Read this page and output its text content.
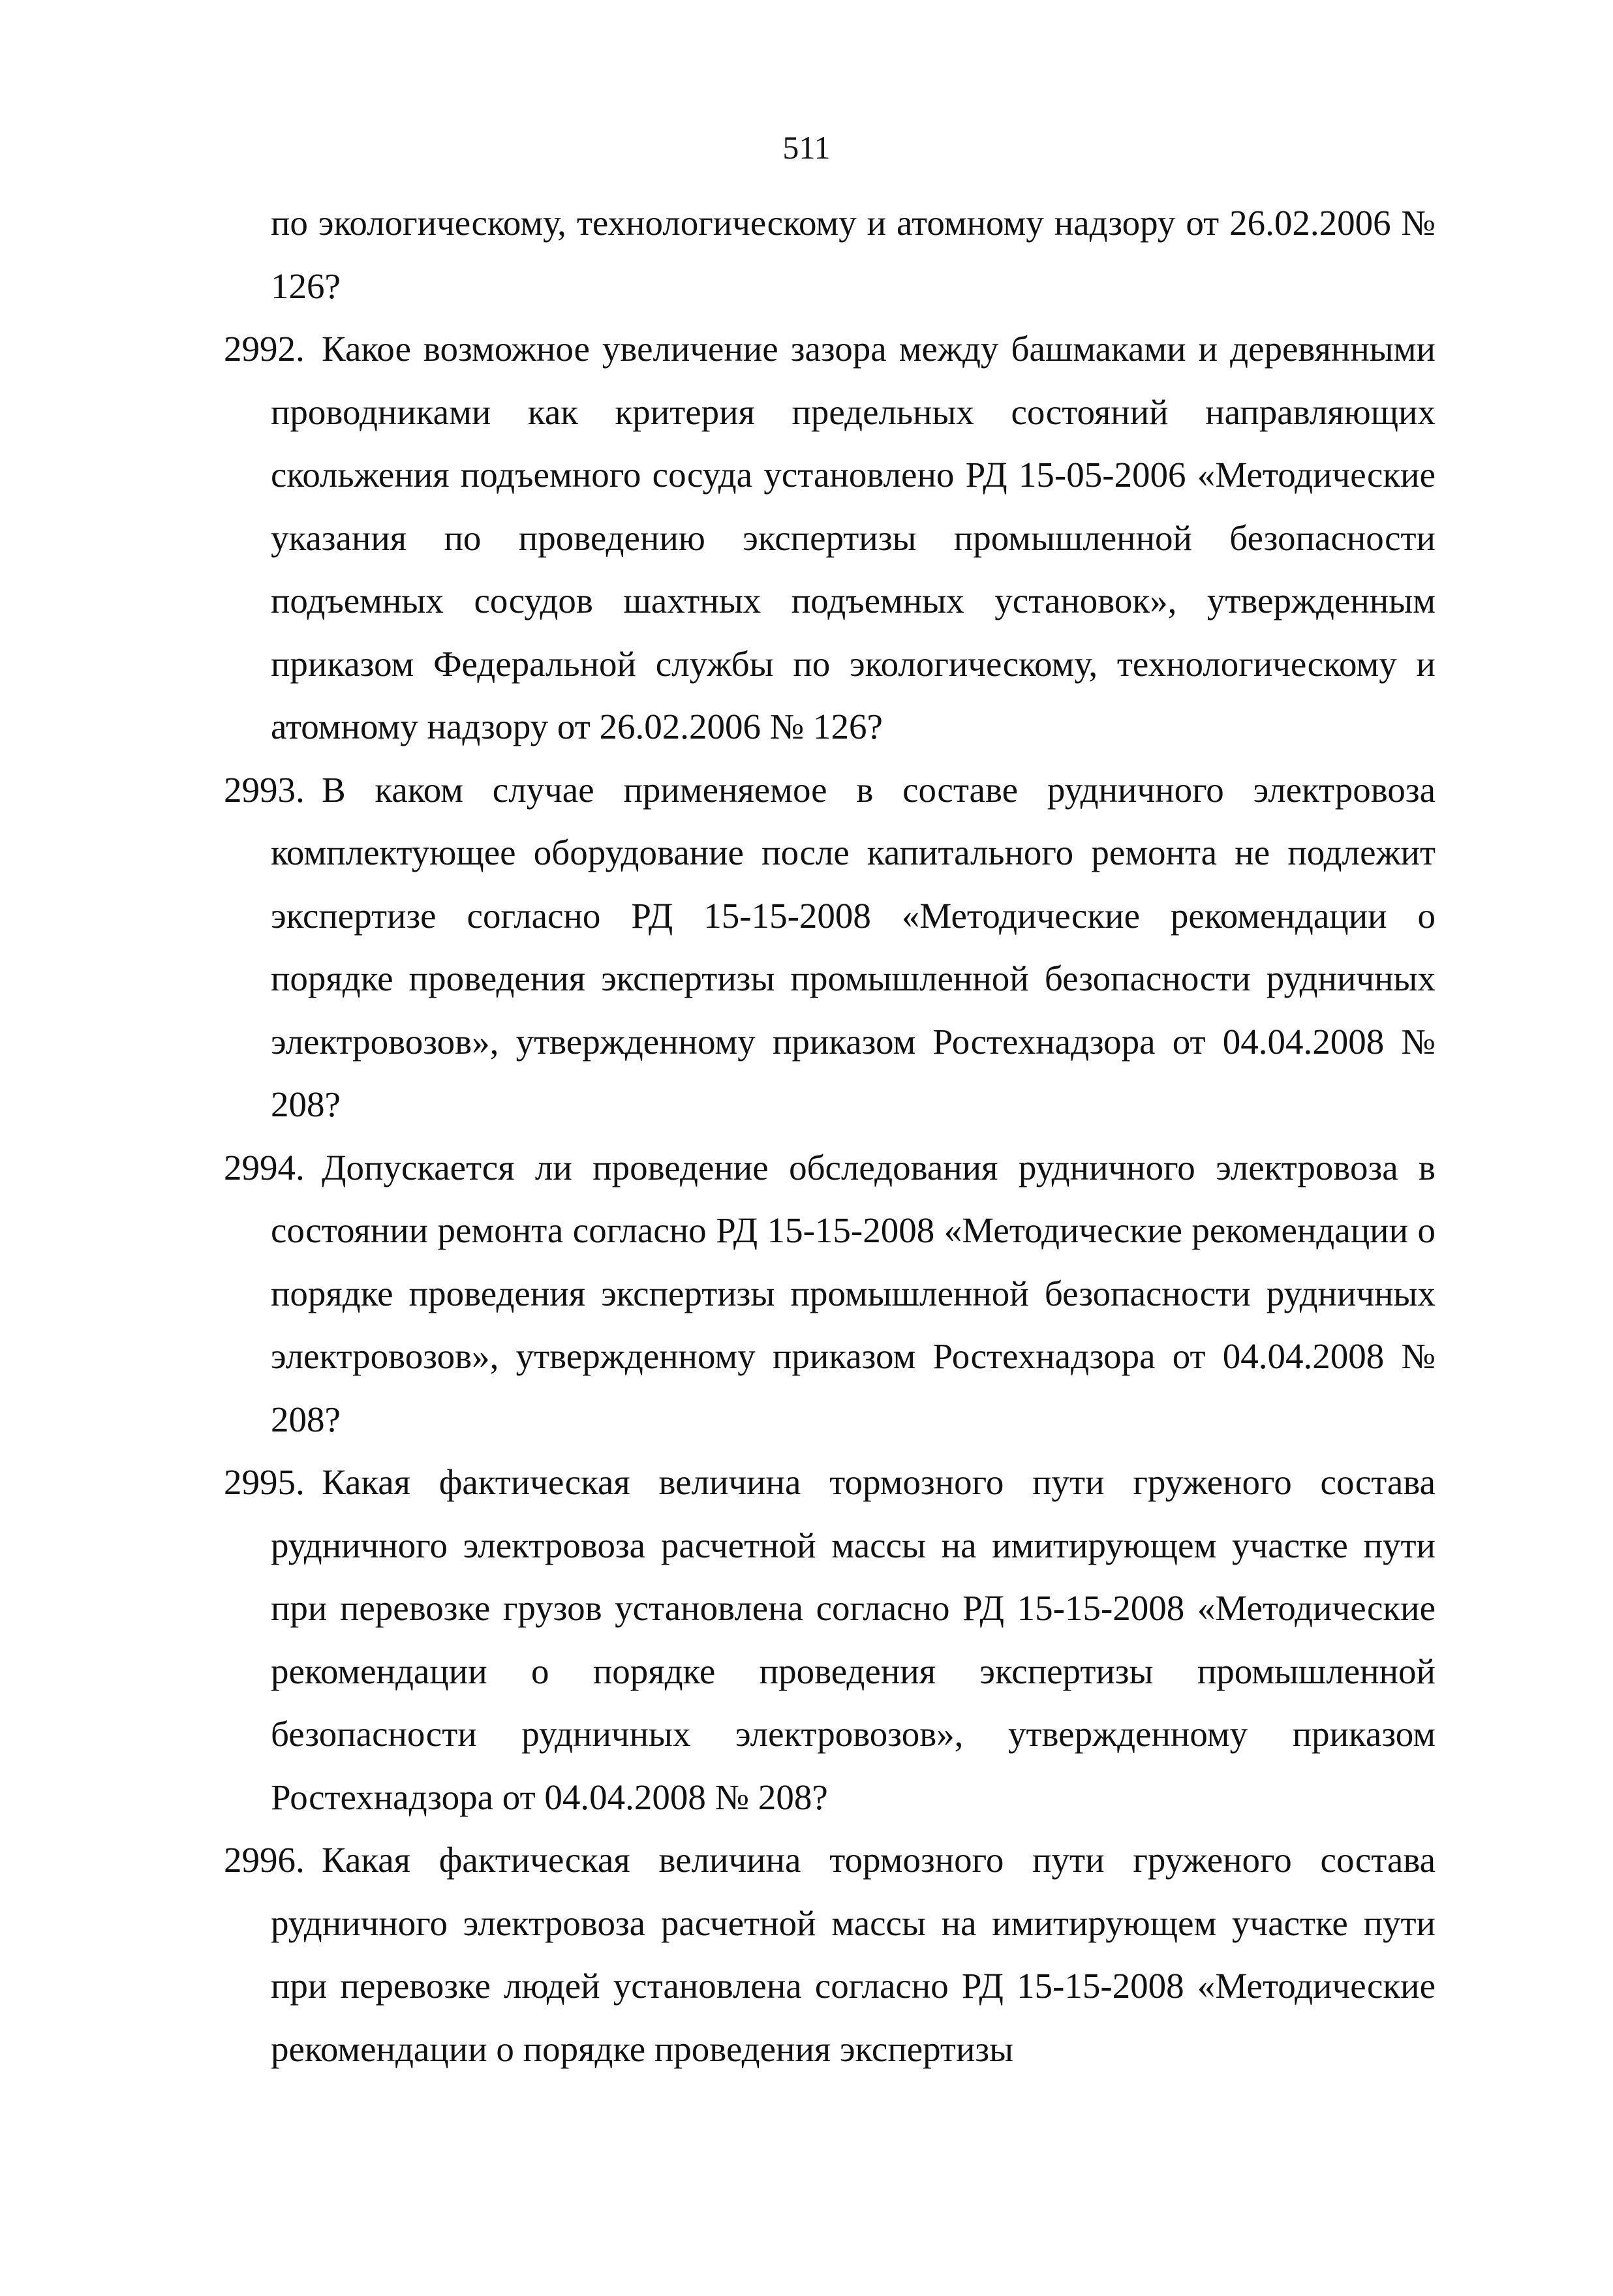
511

по экологическому, технологическому и атомному надзору от 26.02.2006 № 126?

2992 . Какое возможное увеличение зазора между башмаками и деревянными проводниками как критерия предельных состояний направляющих скольжения подъемного сосуда установлено РД 15-05-2006 «Методические указания по проведению экспертизы промышленной безопасности подъемных сосудов шахтных подъемных установок», утвержденным приказом Федеральной службы по экологическому, технологическому и атомному надзору от 26.02.2006 № 126?
2993 . В каком случае применяемое в составе рудничного электровоза комплектующее оборудование после капитального ремонта не подлежит экспертизе согласно РД 15-15-2008 «Методические рекомендации о порядке проведения экспертизы промышленной безопасности рудничных электровозов», утвержденному приказом Ростехнадзора от 04.04.2008 № 208?
2994 . Допускается ли проведение обследования рудничного электровоза в состоянии ремонта согласно РД 15-15-2008 «Методические рекомендации о порядке проведения экспертизы промышленной безопасности рудничных электровозов», утвержденному приказом Ростехнадзора от 04.04.2008 № 208?
2995 . Какая фактическая величина тормозного пути груженого состава рудничного электровоза расчетной массы на имитирующем участке пути при перевозке грузов установлена согласно РД 15-15-2008 «Методические рекомендации о порядке проведения экспертизы промышленной безопасности рудничных электровозов», утвержденному приказом Ростехнадзора от 04.04.2008 № 208?
2996 . Какая фактическая величина тормозного пути груженого состава рудничного электровоза расчетной массы на имитирующем участке пути при перевозке людей установлена согласно РД 15-15-2008 «Методические рекомендации о порядке проведения экспертизы
